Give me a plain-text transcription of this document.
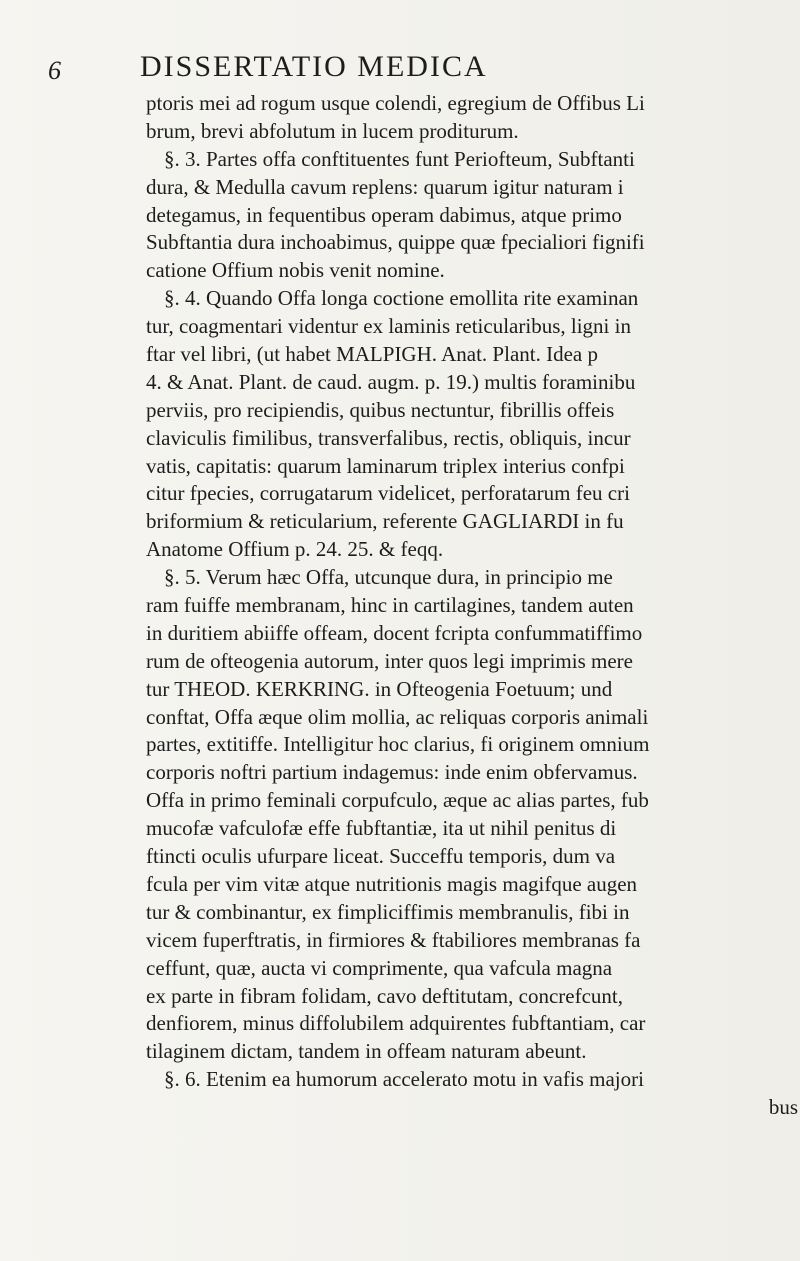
6	DISSERTATIO MEDICA
ptoris mei ad rogum usque colendi, egregium de Offibus Li
brum, brevi abfolutum in lucem proditurum.
§. 3. Partes offa conftituentes funt Periofteum, Subftanti
dura, & Medulla cavum replens: quarum igitur naturam i
detegamus, in fequentibus operam dabimus, atque primo
Subftantia dura inchoabimus, quippe quæ fpecialiori fignifi
catione Offium nobis venit nomine.
§. 4. Quando Offa longa coctione emollita rite examinan
tur, coagmentari videntur ex laminis reticularibus, ligni in
ftar vel libri, (ut habet MALPIGH. Anat. Plant. Idea p
4. & Anat. Plant. de caud. augm. p. 19.) multis foraminibu
perviis, pro recipiendis, quibus nectuntur, fibrillis offeis
claviculis fimilibus, transverfalibus, rectis, obliquis, incur
vatis, capitatis: quarum laminarum triplex interius confpi
citur fpecies, corrugatarum videlicet, perforatarum feu cri
briformium & reticularium, referente GAGLIARDI in fu
Anatome Offium p. 24. 25. & feqq.
§. 5. Verum hæc Offa, utcunque dura, in principio me
ram fuiffe membranam, hinc in cartilagines, tandem auten
in duritiem abiiffe offeam, docent fcripta confummatiffimo
rum de ofteogenia autorum, inter quos legi imprimis mere
tur THEOD. KERKRING. in Ofteogenia Foetuum; und
conftat, Offa æque olim mollia, ac reliquas corporis animali
partes, extitiffe. Intelligitur hoc clarius, fi originem omnium
corporis noftri partium indagemus: inde enim obfervamus.
Offa in primo feminali corpufculo, æque ac alias partes, fub
mucofæ vafculofæ effe fubftantiæ, ita ut nihil penitus di
ftincti oculis ufurpare liceat. Succeffu temporis, dum va
fcula per vim vitæ atque nutritionis magis magifque augen
tur & combinantur, ex fimpliciffimis membranulis, fibi in
vicem fuperftratis, in firmiores & ftabiliores membranas fa
ceffunt, quæ, aucta vi comprimente, qua vafcula magna
ex parte in fibram folidam, cavo deftitutam, concrefcunt,
denfiorem, minus diffolubilem adquirentes fubftantiam, car
tilaginem dictam, tandem in offeam naturam abeunt.
§. 6. Etenim ea humorum accelerato motu in vafis majori
bus
